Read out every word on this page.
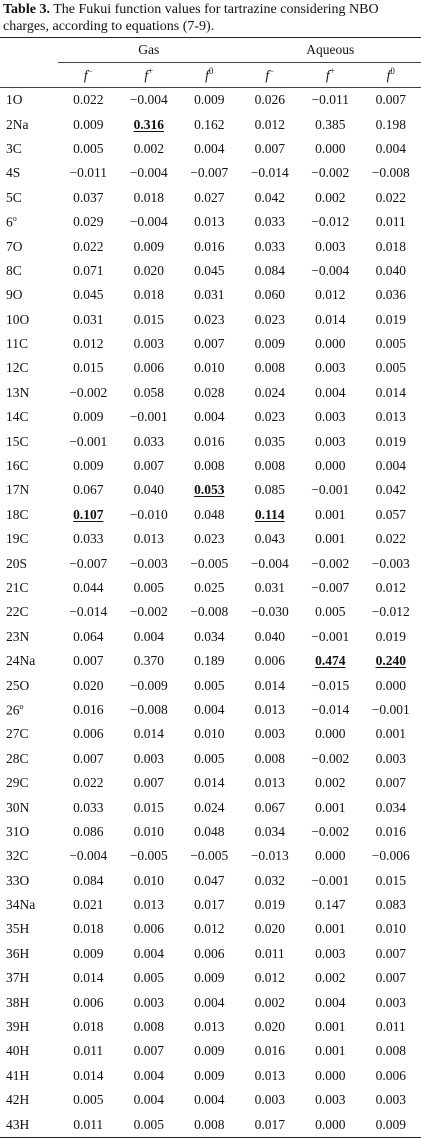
Table 3. The Fukui function values for tartrazine considering NBO

charges, according to equations (7-9).

	Gas			Aqueous		
	f−	f+	$f^0$	f−	f+	$f^0$
1O	0.022	−0.004	0.009	0.026	−0.011	0.007
2Na	0.009	0.316	0.162	0.012	0.385	0.198
3C	0.005	0.002	0.004	0.007	0.000	0.004
4S	−0.011	−0.004	−0.007	−0.014	−0.002	−0.008
5C	0.037	0.018	0.027	0.042	0.002	0.022
6$^o$	0.029	−0.004	0.013	0.033	−0.012	0.011
7O	0.022	0.009	0.016	0.033	0.003	0.018
8C	0.071	0.020	0.045	0.084	−0.004	0.040
9O	0.045	0.018	0.031	0.060	0.012	0.036
10O	0.031	0.015	0.023	0.023	0.014	0.019
11C	0.012	0.003	0.007	0.009	0.000	0.005
12C	0.015	0.006	0.010	0.008	0.003	0.005
13N	−0.002	0.058	0.028	0.024	0.004	0.014
14C	0.009	−0.001	0.004	0.023	0.003	0.013
15C	−0.001	0.033	0.016	0.035	0.003	0.019
16C	0.009	0.007	0.008	0.008	0.000	0.004
17N	0.067	0.040	0.053	0.085	−0.001	0.042
18C	0.107	−0.010	0.048	0.114	0.001	0.057
19C	0.033	0.013	0.023	0.043	0.001	0.022
20S	−0.007	−0.003	−0.005	−0.004	−0.002	−0.003
21C	0.044	0.005	0.025	0.031	−0.007	0.012
22C	−0.014	−0.002	−0.008	−0.030	0.005	−0.012
23N	0.064	0.004	0.034	0.040	−0.001	0.019
24Na	0.007	0.370	0.189	0.006	0.474	0.240
25O	0.020	−0.009	0.005	0.014	−0.015	0.000
26$^o$	0.016	−0.008	0.004	0.013	−0.014	−0.001
27C	0.006	0.014	0.010	0.003	0.000	0.001
28C	0.007	0.003	0.005	0.008	−0.002	0.003
29C	0.022	0.007	0.014	0.013	0.002	0.007
30N	0.033	0.015	0.024	0.067	0.001	0.034
31O	0.086	0.010	0.048	0.034	−0.002	0.016
32C	−0.004	−0.005	−0.005	−0.013	0.000	−0.006
33O	0.084	0.010	0.047	0.032	−0.001	0.015
34Na	0.021	0.013	0.017	0.019	0.147	0.083
35H	0.018	0.006	0.012	0.020	0.001	0.010
36H	0.009	0.004	0.006	0.011	0.003	0.007
37H	0.014	0.005	0.009	0.012	0.002	0.007
38H	0.006	0.003	0.004	0.002	0.004	0.003
39H	0.018	0.008	0.013	0.020	0.001	0.011
40H	0.011	0.007	0.009	0.016	0.001	0.008
41H	0.014	0.004	0.009	0.013	0.000	0.006
42H	0.005	0.004	0.004	0.003	0.003	0.003
43H	0.011	0.005	0.008	0.017	0.000	0.009
